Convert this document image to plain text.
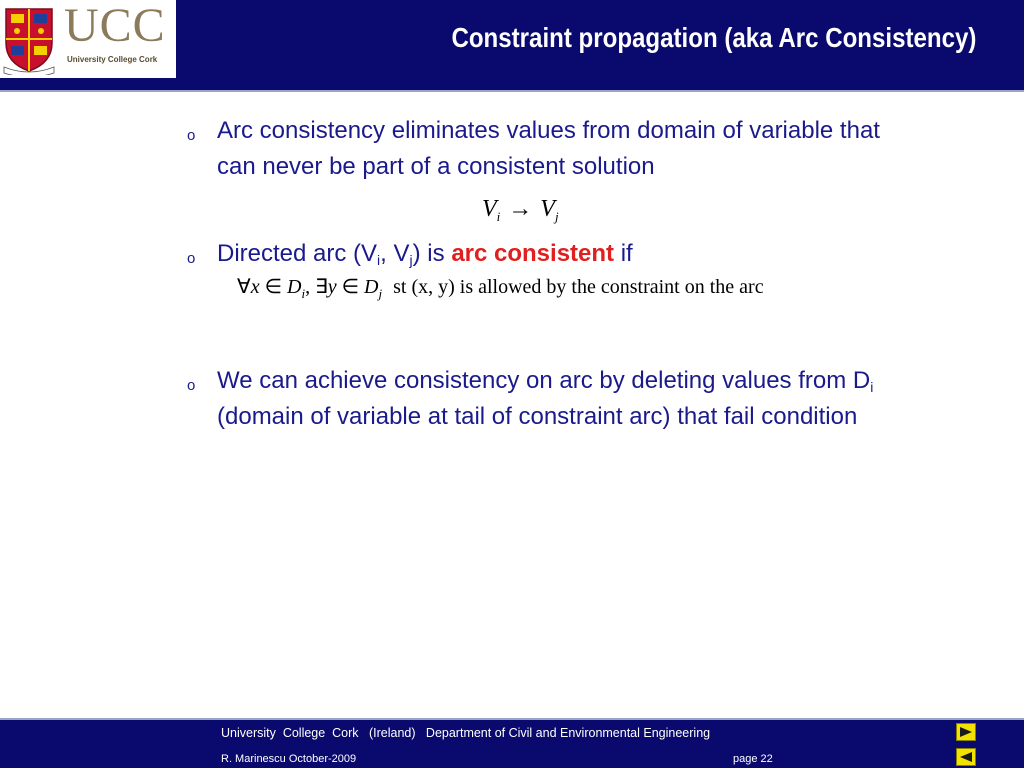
UCC
University College Cork
Constraint propagation (aka Arc Consistency)
o Arc consistency eliminates values from domain of variable that
can never be part of a consistent solution
$V_i \to V_j$
o Directed arc ($V_i$, $V_j$) is arc consistent if
∀x ∈ $D_i$, ∃y ∈ $D_j$ st (x, y) is allowed by the constraint on the arc
o We can achieve consistency on arc by deleting values from $D_i$
(domain of variable at tail of constraint arc) that fail condition
University  College  Cork   (Ireland)   Department of Civil and Environmental Engineering
R. Marinescu October-2009	page 22
